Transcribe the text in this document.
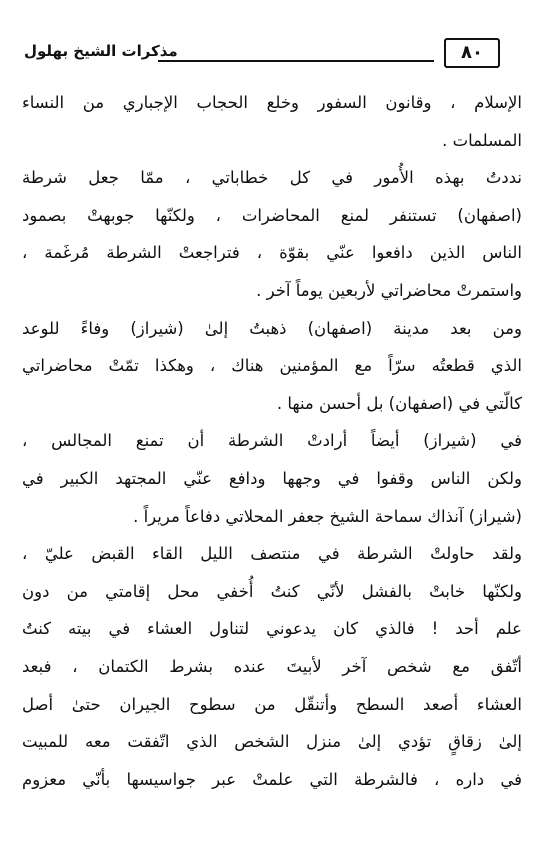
٨٠
مذكرات الشيخ بهلول
الإسلام ، وقانون السفور وخلع الحجاب الإجباري من النساء
المسلمات .
نددتُ بهذه الأُمور في كل خطاباتي ، ممّا جعل شرطة
(اصفهان) تستنفر لمنع المحاضرات ، ولكنّها جوبهتْ بصمود
الناس الذين دافعوا عنّي بقوّة ، فتراجعتْ الشرطة مُرغَمة ،
واستمرتْ محاضراتي لأربعين يوماً آخر .
ومن بعد مدينة (اصفهان) ذهبتُ إلىٰ (شيراز) وفاءً للوعد
الذي قطعتُه سرّاً مع المؤمنين هناك ، وهكذا تمّتْ محاضراتي
كالّتي في (اصفهان) بل أحسن منها .
في (شيراز) أيضاً أرادتْ الشرطة أن تمنع المجالس ،
ولكن الناس وقفوا في وجهها ودافع عنّي المجتهد الكبير في
(شيراز) آنذاك سماحة الشيخ جعفر المحلاتي دفاعاً مريراً .
ولقد حاولتْ الشرطة في منتصف الليل القاء القبض عليّ ،
ولكنّها خابتْ بالفشل لأنّي كنتُ أُخفي محل إقامتي من دون
علم أحد ! فالذي كان يدعوني لتناول العشاء في بيته كنتُ
أتّفق مع شخص آخر لأبيتَ عنده بشرط الكتمان ، فبعد
العشاء أصعد السطح وأتنقّل من سطوح الجيران حتىٰ أصل
إلىٰ زقاقٍ تؤدي إلىٰ منزل الشخص الذي اتّفقت معه للمبيت
في داره ، فالشرطة التي علمتْ عبر جواسيسها بأنّي معزوم
